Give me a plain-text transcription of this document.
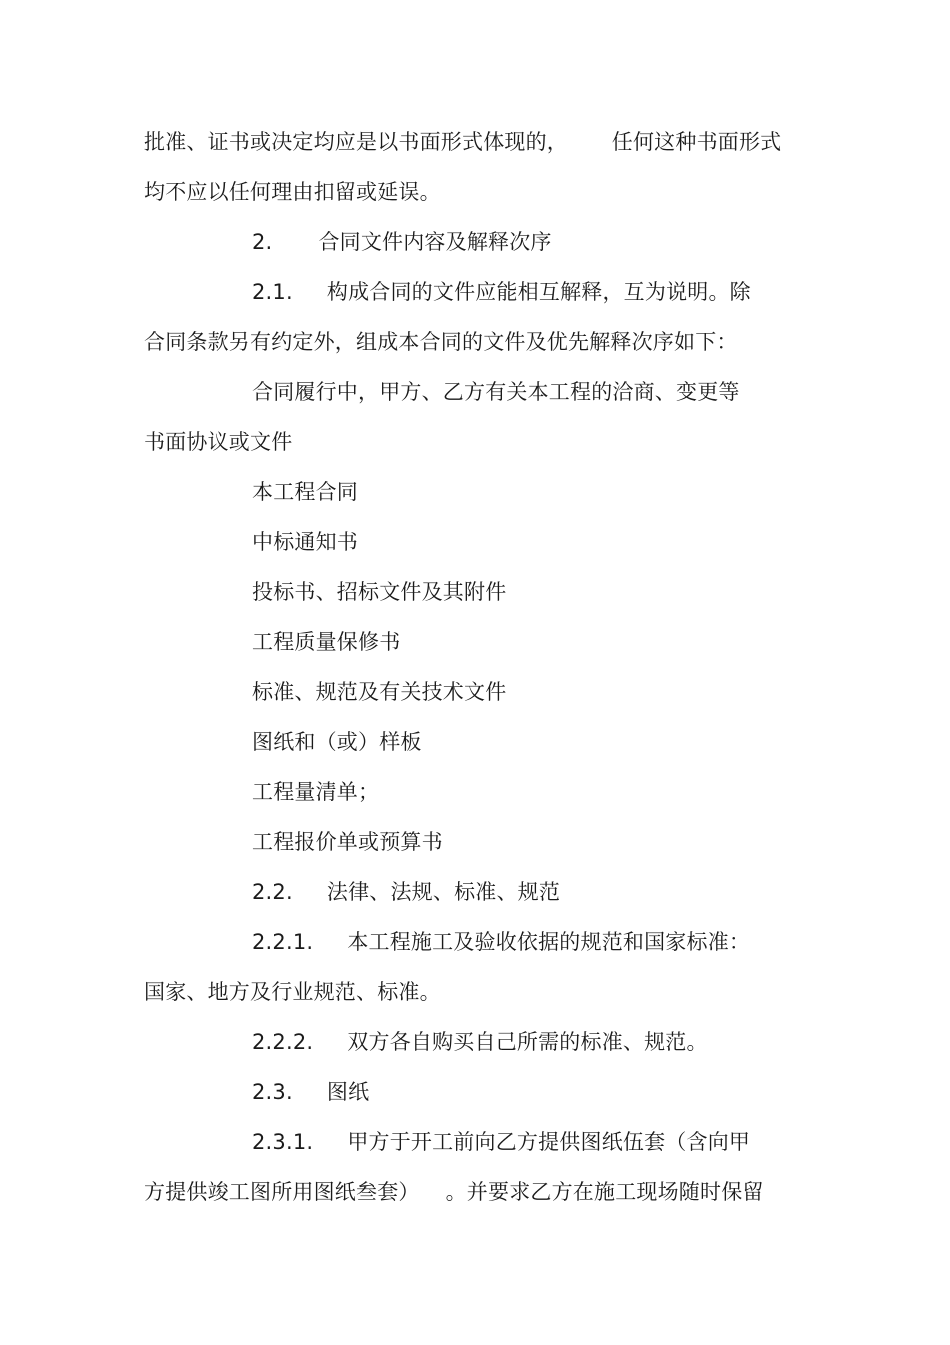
批准、证书或决定均应是以书面形式体现的， 任何这种书面形式
均不应以任何理由扣留或延误。
2. 合同文件内容及解释次序
2.1. 构成合同的文件应能相互解释，互为说明。除
合同条款另有约定外，组成本合同的文件及优先解释次序如下：
合同履行中，甲方、乙方有关本工程的洽商、变更等
书面协议或文件
本工程合同
中标通知书
投标书、招标文件及其附件
工程质量保修书
标准、规范及有关技术文件
图纸和（或）样板
工程量清单；
工程报价单或预算书
2.2. 法律、法规、标准、规范
2.2.1. 本工程施工及验收依据的规范和国家标准：
国家、地方及行业规范、标准。
2.2.2. 双方各自购买自己所需的标准、规范。
2.3. 图纸
2.3.1. 甲方于开工前向乙方提供图纸伍套（含向甲
方提供竣工图所用图纸叁套） 。并要求乙方在施工现场随时保留
